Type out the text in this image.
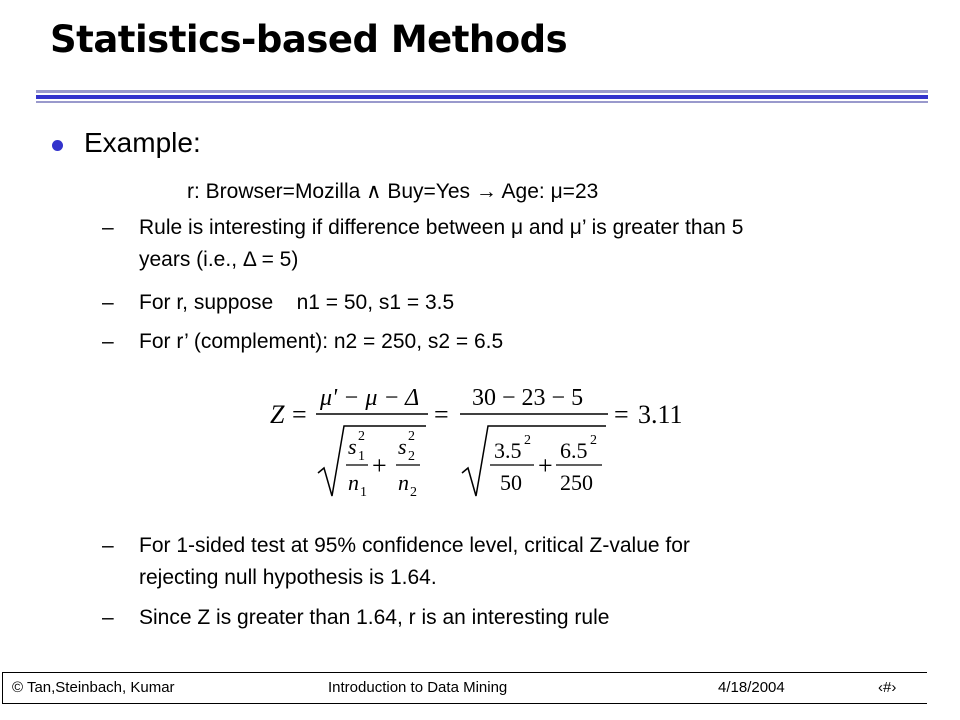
Statistics-based Methods
Example:
r: Browser=Mozilla ∧ Buy=Yes → Age: μ=23
– Rule is interesting if difference between μ and μ’ is greater than 5
years (i.e., Δ = 5)
– For r, suppose    n1 = 50, s1 = 3.5
– For r’ (complement): n2 = 250, s2 = 6.5
Z =
μ' − μ − Δ
s 1
2
n 1
+
s 2
2
n 2
=
30 − 23 − 5
3.5 2
50
+
6.5 2
250
= 3.11
– For 1-sided test at 95% confidence level, critical Z-value for
rejecting null hypothesis is 1.64.
– Since Z is greater than 1.64, r is an interesting rule
© Tan,Steinbach, Kumar	Introduction to Data Mining	4/18/2004	‹#›
